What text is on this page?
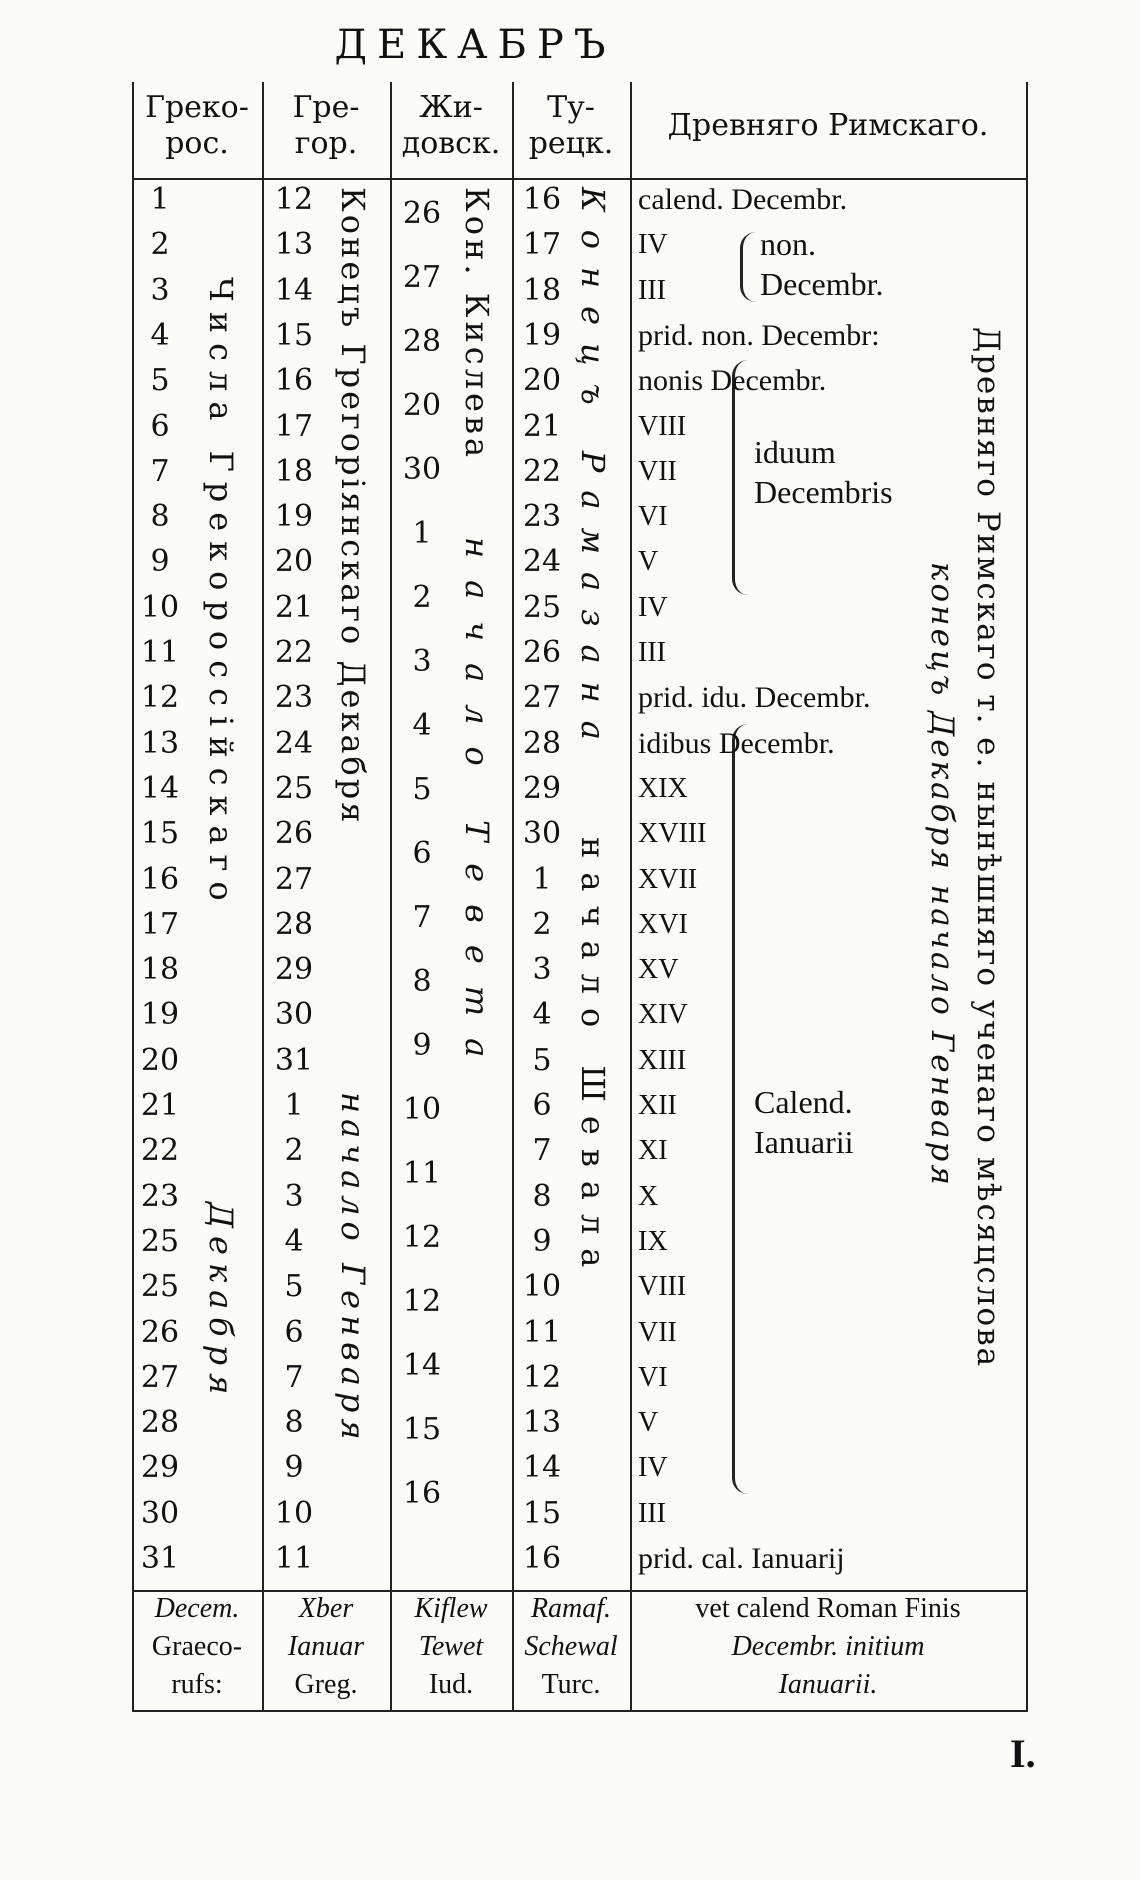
ДЕКАБРЪ
Греко-
рос.
Гре-
гор.
Жи-
довск.
Ту-
рецк.
Древняго Римскаго.
Числа Грекороссійскаго
Декабря
Конецъ Грегоріянскаго Декабря
начало Генваря
Кон. Кислева
начало Тевета
Конецъ Рамазана
начало Шевала	Древняго Римскаго т. е. нынѣшняго ученаго мѣсяцслова
конецъ Декабря начало Генваря
non.
Decembr.
iduum
Decembris
Calend.
Ianuarii
Decem.
Graeco-
rufs:
Xber
Ianuar
Greg.
Kiflew
Tewet
Iud.
Ramaf.
Schewal
Turc.
vet calend Roman Finis
Decembr. initium
Ianuarii.
1
2
3
4
5
6
7
8
9
10
11
12
13
14
15
16
17
18
19
20
21
22
23
25
25
26
27
28
29
30
31
12
13
14
15
16
17
18
19
20
21
22
23
24
25
26
27
28
29
30
31
1
2
3
4
5
6
7
8
9
10
11
26
27
28
20
30
1
2
3
4
5
6
7
8
9
10
11
12
12
14
15
16
16
17
18
19
20
21
22
23
24
25
26
27
28
29
30
1
2
3
4
5
6
7
8
9
10
11
12
13
14
15
16
calend. Decembr.
IV
III
prid. non. Decembr:
nonis Decembr.
VIII
VII
VI
V
IV
III
prid. idu. Decembr.
idibus Decembr.
XIX
XVIII
XVII
XVI
XV
XIV
XIII
XII
XI
X
IX
VIII
VII
VI
V
IV
III
prid. cal. Ianuarij
I.
